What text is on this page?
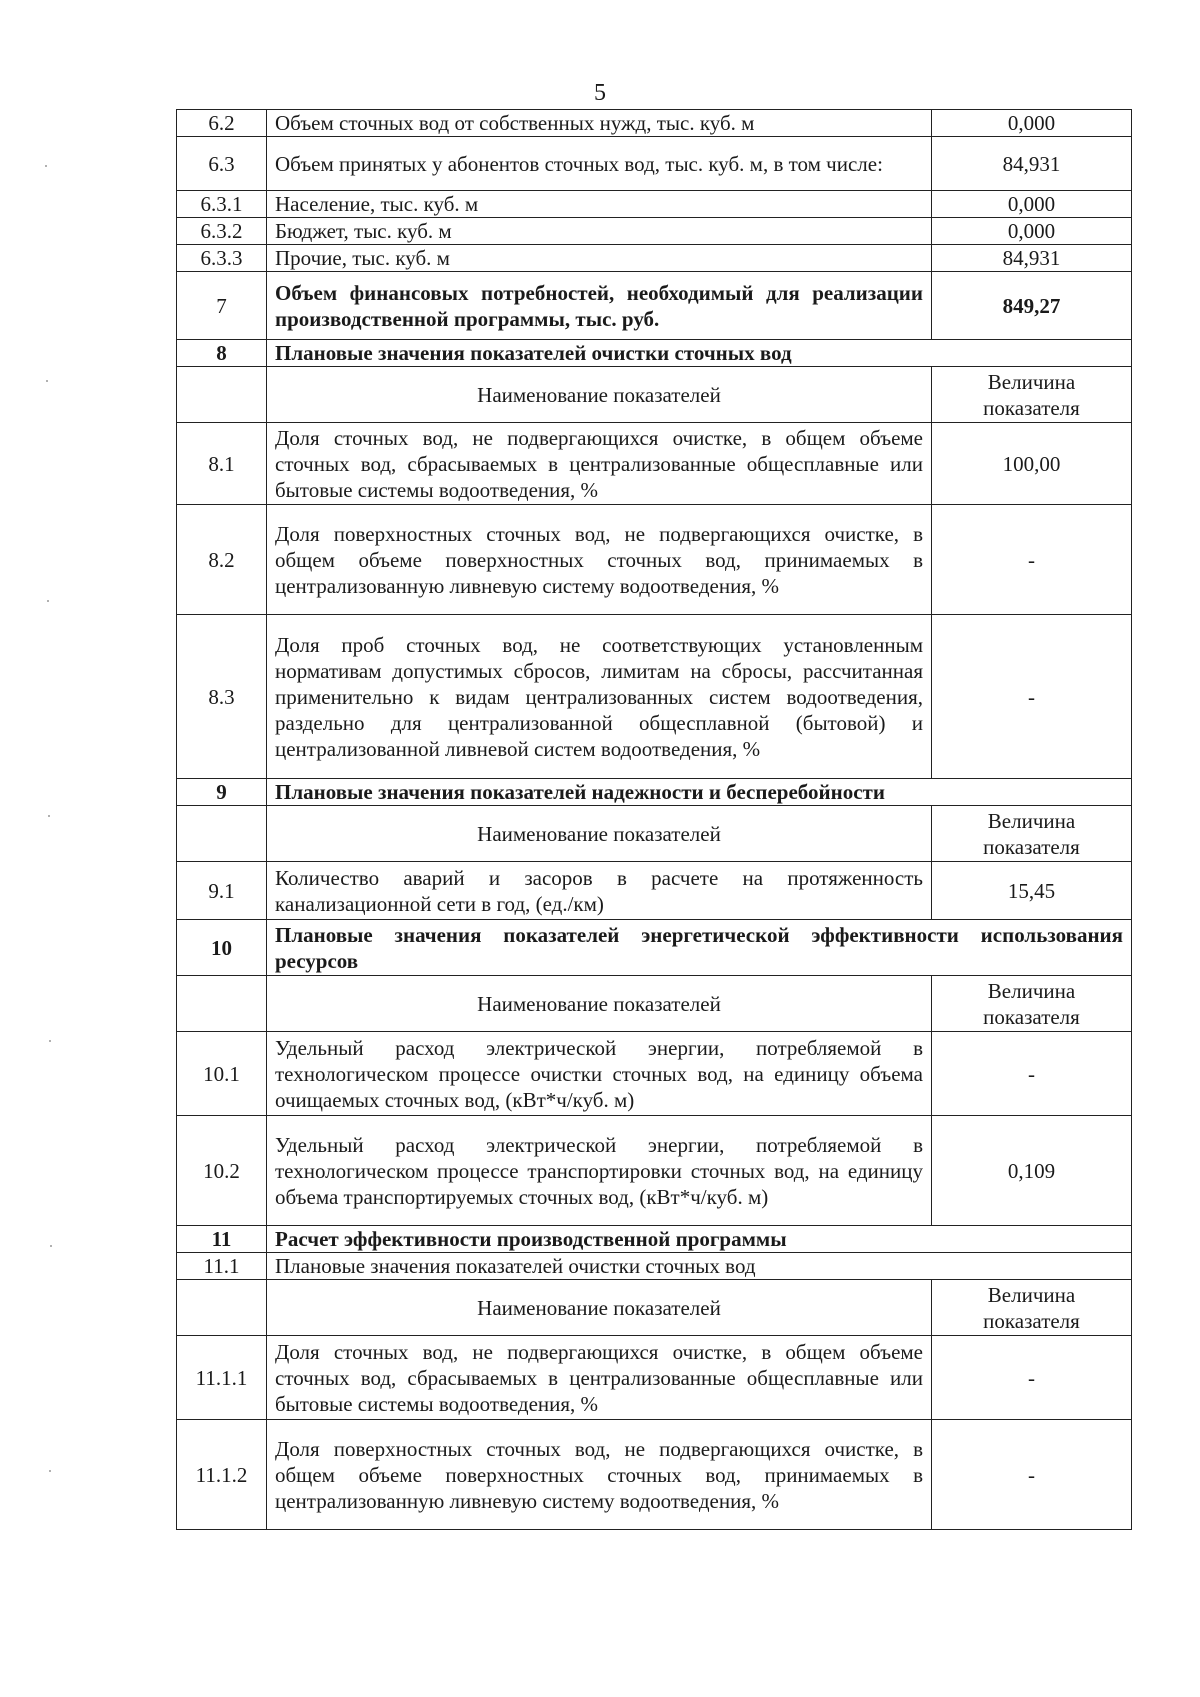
5
6.2	Объем сточных вод от собственных нужд, тыс. куб. м	0,000
6.3	Объем принятых у абонентов сточных вод, тыс. куб. м, в том числе:	84,931
6.3.1	Население, тыс. куб. м	0,000
6.3.2	Бюджет, тыс. куб. м	0,000
6.3.3	Прочие, тыс. куб. м	84,931
7	Объем финансовых потребностей, необходимый для реализации производственной программы, тыс. руб.	849,27
8	Плановые значения показателей очистки сточных вод	
	Наименование показателей	Величина показателя
8.1	Доля сточных вод, не подвергающихся очистке, в общем объеме сточных вод, сбрасываемых в централизованные общесплавные или бытовые системы водоотведения, %	100,00
8.2	Доля поверхностных сточных вод, не подвергающихся очистке, в общем объеме поверхностных сточных вод, принимаемых в централизованную ливневую систему водоотведения, %	-
8.3	Доля проб сточных вод, не соответствующих установленным нормативам допустимых сбросов, лимитам на сбросы, рассчитанная применительно к видам централизованных систем водоотведения, раздельно для централизованной общесплавной (бытовой) и централизованной ливневой систем водоотведения, %	-
9	Плановые значения показателей надежности и бесперебойности	
	Наименование показателей	Величина показателя
9.1	Количество аварий и засоров в расчете на протяженность канализационной сети в год, (ед./км)	15,45
10	Плановые значения показателей энергетической эффективности использования ресурсов	
	Наименование показателей	Величина показателя
10.1	Удельный расход электрической энергии, потребляемой в технологическом процессе очистки сточных вод, на единицу объема очищаемых сточных вод, (кВт*ч/куб. м)	-
10.2	Удельный расход электрической энергии, потребляемой в технологическом процессе транспортировки сточных вод, на единицу объема транспортируемых сточных вод, (кВт*ч/куб. м)	0,109
11	Расчет эффективности производственной программы	
11.1	Плановые значения показателей очистки сточных вод	
	Наименование показателей	Величина показателя
11.1.1	Доля сточных вод, не подвергающихся очистке, в общем объеме сточных вод, сбрасываемых в централизованные общесплавные или бытовые системы водоотведения, %	-
11.1.2	Доля поверхностных сточных вод, не подвергающихся очистке, в общем объеме поверхностных сточных вод, принимаемых в централизованную ливневую систему водоотведения, %	-
